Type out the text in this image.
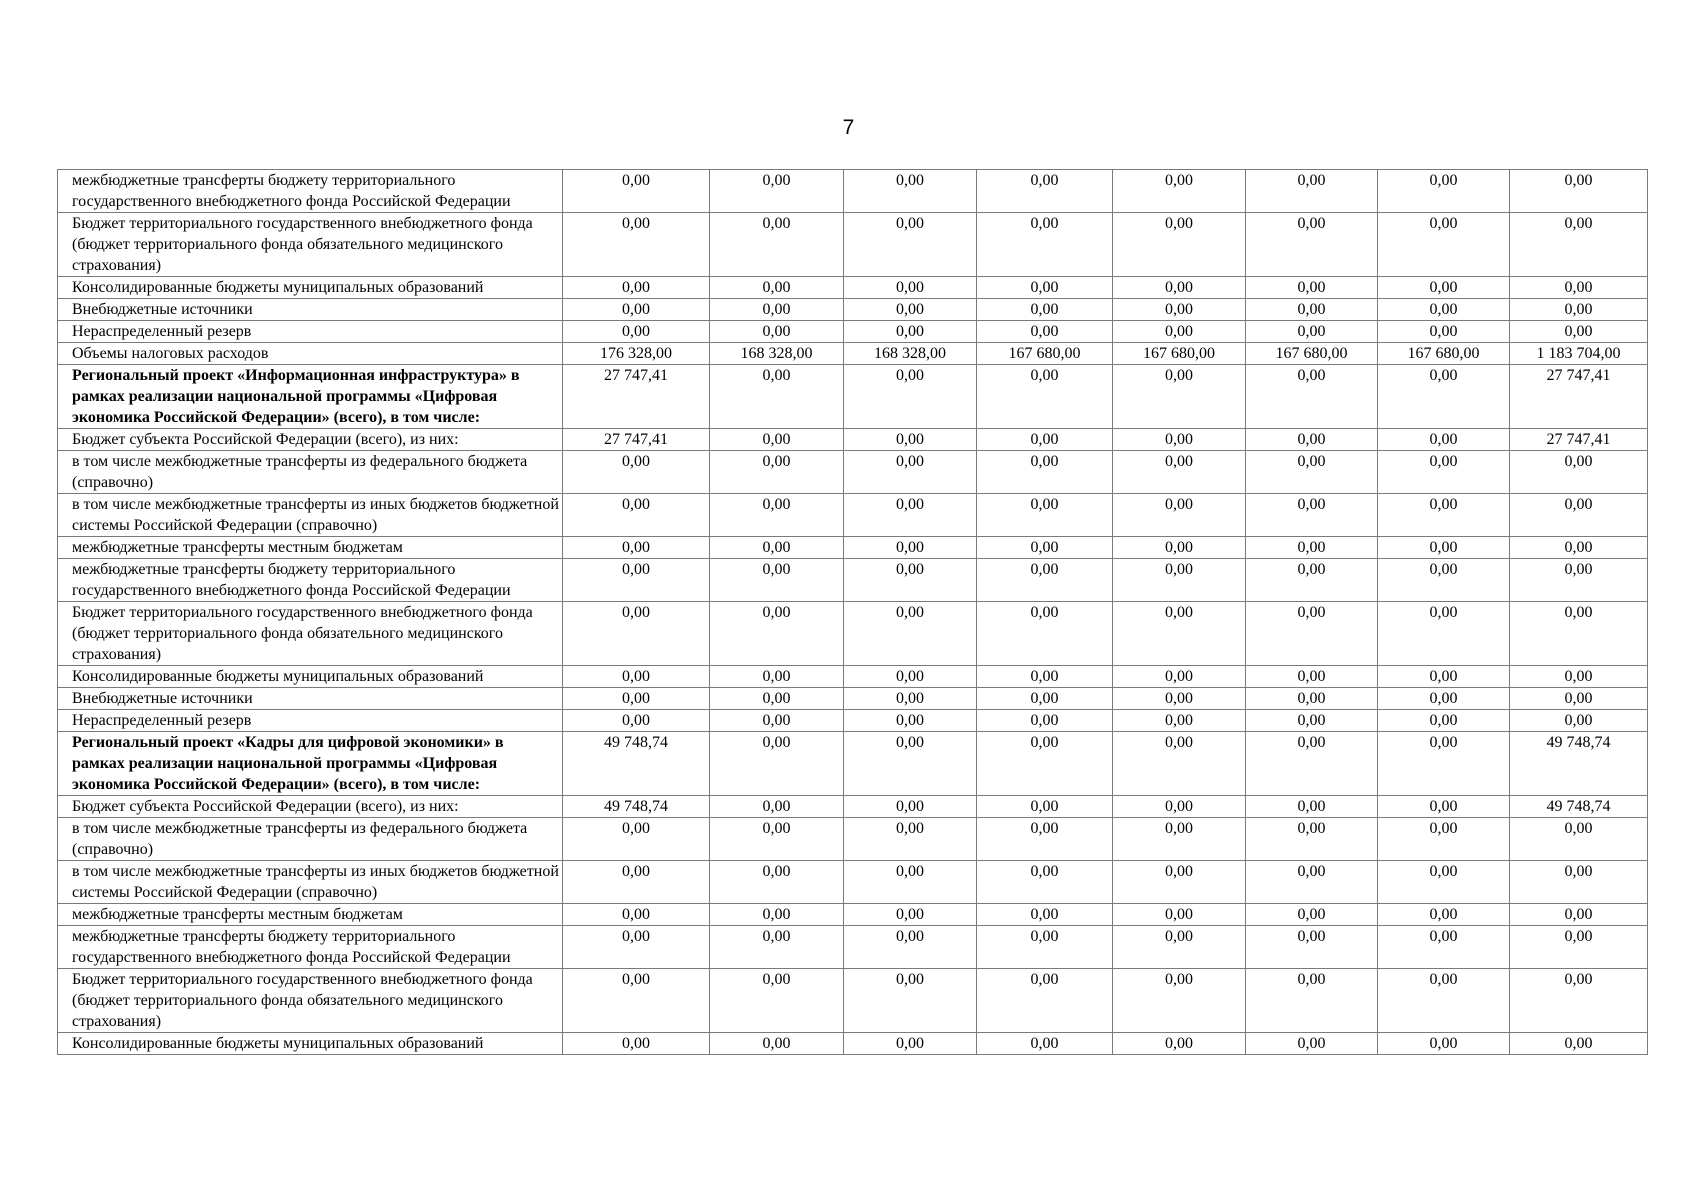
7
межбюджетные трансферты бюджету территориального государственного внебюджетного фонда Российской Федерации	0,00	0,00	0,00	0,00	0,00	0,00	0,00	0,00
Бюджет территориального государственного внебюджетного фонда (бюджет территориального фонда обязательного медицинского страхования)	0,00	0,00	0,00	0,00	0,00	0,00	0,00	0,00
Консолидированные бюджеты муниципальных образований	0,00	0,00	0,00	0,00	0,00	0,00	0,00	0,00
Внебюджетные источники	0,00	0,00	0,00	0,00	0,00	0,00	0,00	0,00
Нераспределенный резерв	0,00	0,00	0,00	0,00	0,00	0,00	0,00	0,00
Объемы налоговых расходов	176 328,00	168 328,00	168 328,00	167 680,00	167 680,00	167 680,00	167 680,00	1 183 704,00
Региональный проект «Информационная инфраструктура» в рамках реализации национальной программы «Цифровая экономика Российской Федерации» (всего), в том числе:	27 747,41	0,00	0,00	0,00	0,00	0,00	0,00	27 747,41
Бюджет субъекта Российской Федерации (всего), из них:	27 747,41	0,00	0,00	0,00	0,00	0,00	0,00	27 747,41
в том числе межбюджетные трансферты из федерального бюджета (справочно)	0,00	0,00	0,00	0,00	0,00	0,00	0,00	0,00
в том числе межбюджетные трансферты из иных бюджетов бюджетной системы Российской Федерации (справочно)	0,00	0,00	0,00	0,00	0,00	0,00	0,00	0,00
межбюджетные трансферты местным бюджетам	0,00	0,00	0,00	0,00	0,00	0,00	0,00	0,00
межбюджетные трансферты бюджету территориального государственного внебюджетного фонда Российской Федерации	0,00	0,00	0,00	0,00	0,00	0,00	0,00	0,00
Бюджет территориального государственного внебюджетного фонда (бюджет территориального фонда обязательного медицинского страхования)	0,00	0,00	0,00	0,00	0,00	0,00	0,00	0,00
Консолидированные бюджеты муниципальных образований	0,00	0,00	0,00	0,00	0,00	0,00	0,00	0,00
Внебюджетные источники	0,00	0,00	0,00	0,00	0,00	0,00	0,00	0,00
Нераспределенный резерв	0,00	0,00	0,00	0,00	0,00	0,00	0,00	0,00
Региональный проект «Кадры для цифровой экономики» в рамках реализации национальной программы «Цифровая экономика Российской Федерации» (всего), в том числе:	49 748,74	0,00	0,00	0,00	0,00	0,00	0,00	49 748,74
Бюджет субъекта Российской Федерации (всего), из них:	49 748,74	0,00	0,00	0,00	0,00	0,00	0,00	49 748,74
в том числе межбюджетные трансферты из федерального бюджета (справочно)	0,00	0,00	0,00	0,00	0,00	0,00	0,00	0,00
в том числе межбюджетные трансферты из иных бюджетов бюджетной системы Российской Федерации (справочно)	0,00	0,00	0,00	0,00	0,00	0,00	0,00	0,00
межбюджетные трансферты местным бюджетам	0,00	0,00	0,00	0,00	0,00	0,00	0,00	0,00
межбюджетные трансферты бюджету территориального государственного внебюджетного фонда Российской Федерации	0,00	0,00	0,00	0,00	0,00	0,00	0,00	0,00
Бюджет территориального государственного внебюджетного фонда (бюджет территориального фонда обязательного медицинского страхования)	0,00	0,00	0,00	0,00	0,00	0,00	0,00	0,00
Консолидированные бюджеты муниципальных образований	0,00	0,00	0,00	0,00	0,00	0,00	0,00	0,00
